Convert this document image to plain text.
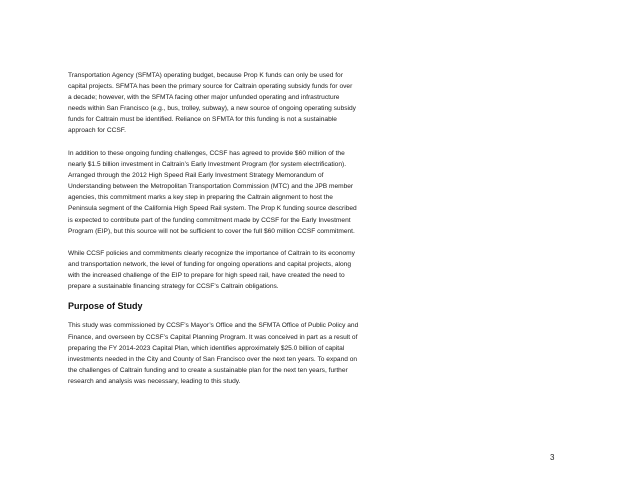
Transportation Agency (SFMTA) operating budget, because Prop K funds can only be used for
capital projects. SFMTA has been the primary source for Caltrain operating subsidy funds for over
a decade; however, with the SFMTA facing other major unfunded operating and infrastructure
needs within San Francisco (e.g., bus, trolley, subway), a new source of ongoing operating subsidy
funds for Caltrain must be identified. Reliance on SFMTA for this funding is not a sustainable
approach for CCSF.

In addition to these ongoing funding challenges, CCSF has agreed to provide $60 million of the
nearly $1.5 billion investment in Caltrain’s Early Investment Program (for system electrification).
Arranged through the 2012 High Speed Rail Early Investment Strategy Memorandum of
Understanding between the Metropolitan Transportation Commission (MTC) and the JPB member
agencies, this commitment marks a key step in preparing the Caltrain alignment to host the
Peninsula segment of the California High Speed Rail system. The Prop K funding source described
is expected to contribute part of the funding commitment made by CCSF for the Early Investment
Program (EIP), but this source will not be sufficient to cover the full $60 million CCSF commitment.

While CCSF policies and commitments clearly recognize the importance of Caltrain to its economy
and transportation network, the level of funding for ongoing operations and capital projects, along
with the increased challenge of the EIP to prepare for high speed rail, have created the need to
prepare a sustainable financing strategy for CCSF’s Caltrain obligations.

Purpose of Study

This study was commissioned by CCSF’s Mayor’s Office and the SFMTA Office of Public Policy and
Finance, and overseen by CCSF’s Capital Planning Program. It was conceived in part as a result of
preparing the FY 2014-2023 Capital Plan, which identifies approximately $25.0 billion of capital
investments needed in the City and County of San Francisco over the next ten years. To expand on
the challenges of Caltrain funding and to create a sustainable plan for the next ten years, further
research and analysis was necessary, leading to this study.

3
